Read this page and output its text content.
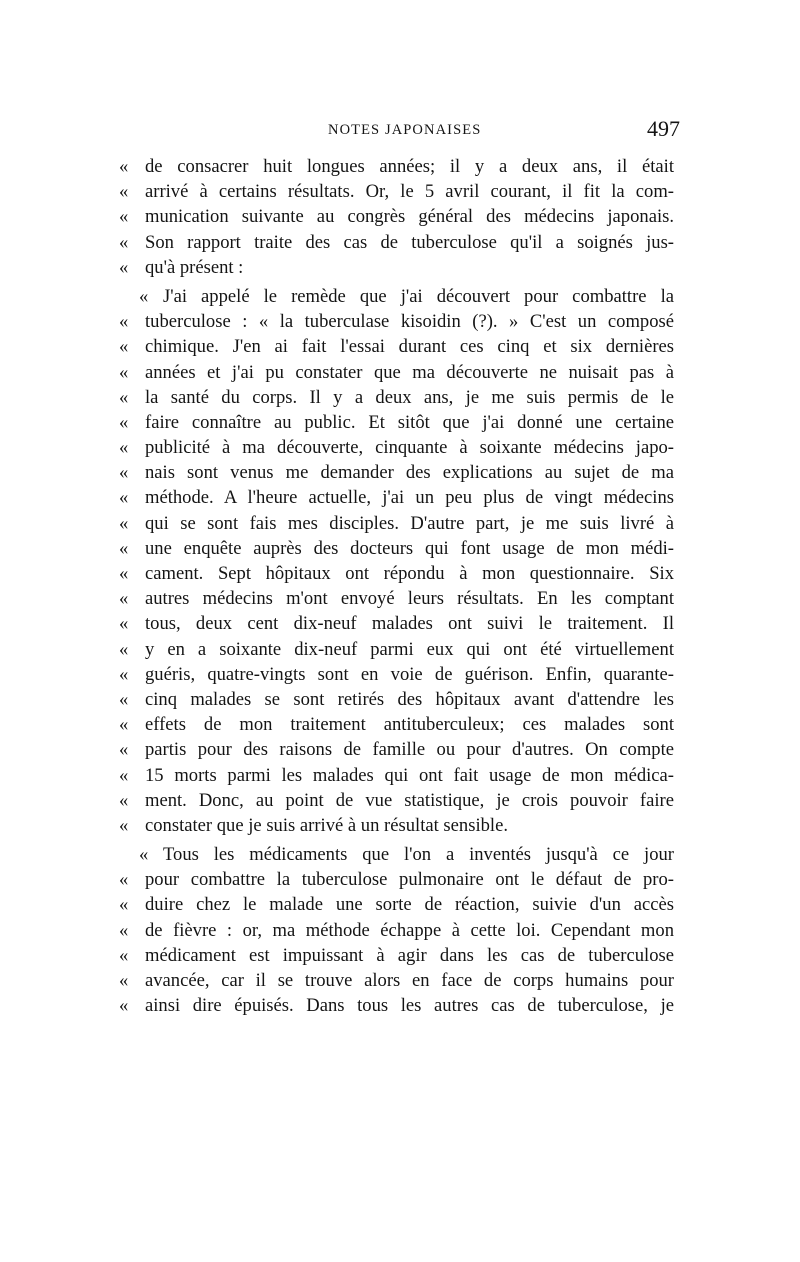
NOTES JAPONAISES	497
« de consacrer huit longues années; il y a deux ans, il était
« arrivé à certains résultats. Or, le 5 avril courant, il fit la com-
« munication suivante au congrès général des médecins japonais.
« Son rapport traite des cas de tuberculose qu'il a soignés jus-
« qu'à présent :
« J'ai appelé le remède que j'ai découvert pour combattre la
« tuberculose : « la tuberculase kisoidin (?). » C'est un composé
« chimique. J'en ai fait l'essai durant ces cinq et six dernières
« années et j'ai pu constater que ma découverte ne nuisait pas à
« la santé du corps. Il y a deux ans, je me suis permis de le
« faire connaître au public. Et sitôt que j'ai donné une certaine
« publicité à ma découverte, cinquante à soixante médecins japo-
« nais sont venus me demander des explications au sujet de ma
« méthode. A l'heure actuelle, j'ai un peu plus de vingt médecins
« qui se sont fais mes disciples. D'autre part, je me suis livré à
« une enquête auprès des docteurs qui font usage de mon médi-
« cament. Sept hôpitaux ont répondu à mon questionnaire. Six
« autres médecins m'ont envoyé leurs résultats. En les comptant
« tous, deux cent dix-neuf malades ont suivi le traitement. Il
« y en a soixante dix-neuf parmi eux qui ont été virtuellement
« guéris, quatre-vingts sont en voie de guérison. Enfin, quarante-
« cinq malades se sont retirés des hôpitaux avant d'attendre les
« effets de mon traitement antituberculeux; ces malades sont
« partis pour des raisons de famille ou pour d'autres. On compte
« 15 morts parmi les malades qui ont fait usage de mon médica-
« ment. Donc, au point de vue statistique, je crois pouvoir faire
« constater que je suis arrivé à un résultat sensible.
« Tous les médicaments que l'on a inventés jusqu'à ce jour
« pour combattre la tuberculose pulmonaire ont le défaut de pro-
« duire chez le malade une sorte de réaction, suivie d'un accès
« de fièvre : or, ma méthode échappe à cette loi. Cependant mon
« médicament est impuissant à agir dans les cas de tuberculose
« avancée, car il se trouve alors en face de corps humains pour
« ainsi dire épuisés. Dans tous les autres cas de tuberculose, je
